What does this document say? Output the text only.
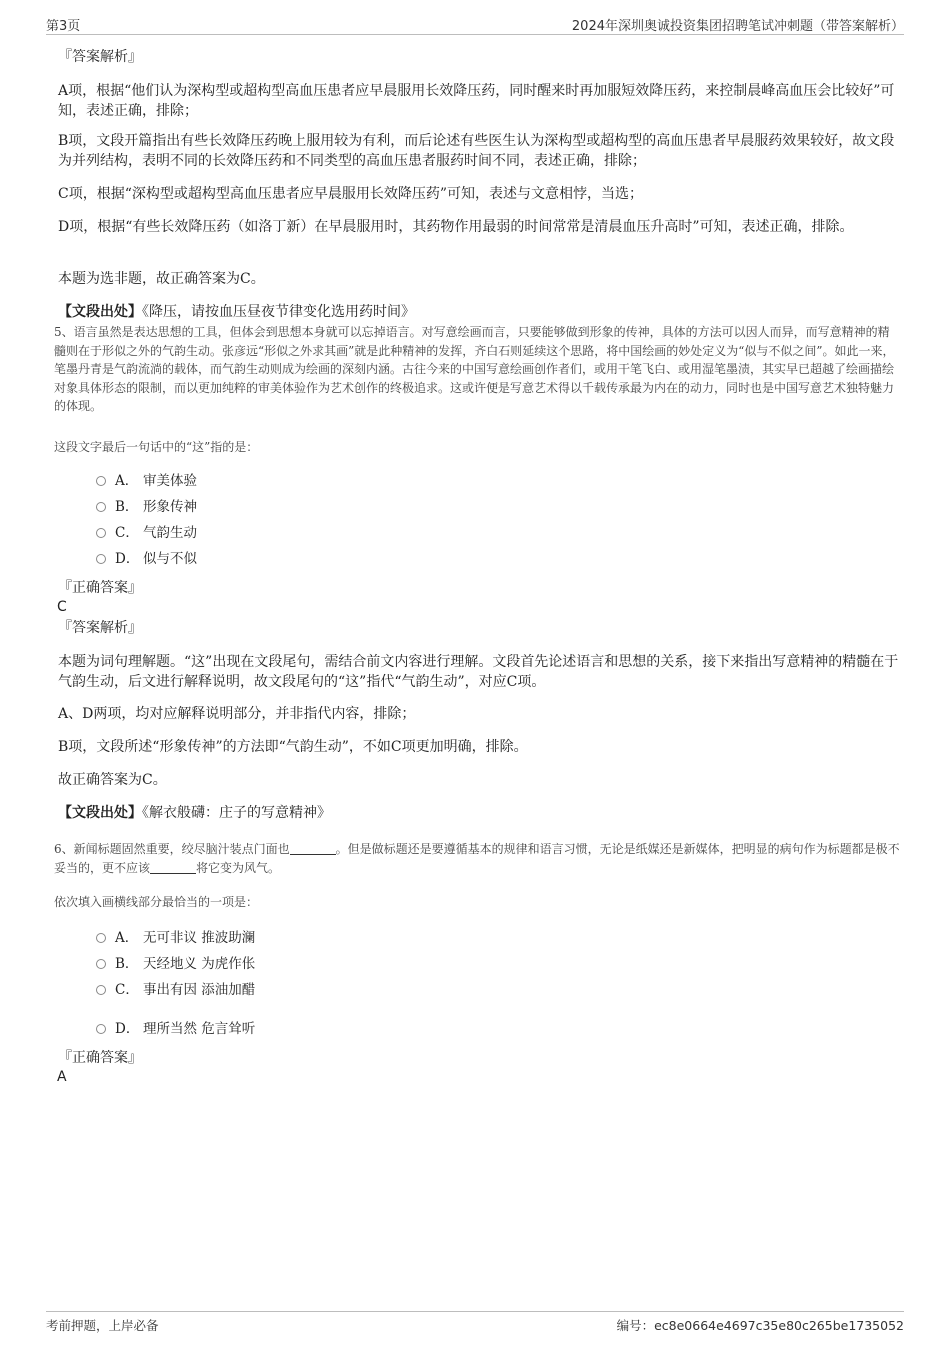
第3页	2024年深圳奥诚投资集团招聘笔试冲刺题（带答案解析）
『答案解析』

A项，根据“他们认为深构型或超构型高血压患者应早晨服用长效降压药，同时醒来时再加服短效降压药，来控制晨峰高血压会比较好”可知，表述正确，排除；

B项，文段开篇指出有些长效降压药晚上服用较为有利，而后论述有些医生认为深构型或超构型的高血压患者早晨服药效果较好，故文段为并列结构，表明不同的长效降压药和不同类型的高血压患者服药时间不同，表述正确，排除；

C项，根据“深构型或超构型高血压患者应早晨服用长效降压药”可知，表述与文意相悖，当选；

D项，根据“有些长效降压药（如洛丁新）在早晨服用时，其药物作用最弱的时间常常是清晨血压升高时”可知，表述正确，排除。

本题为选非题，故正确答案为C。

【文段出处】《降压，请按血压昼夜节律变化选用药时间》

5、语言虽然是表达思想的工具，但体会到思想本身就可以忘掉语言。对写意绘画而言，只要能够做到形象的传神，具体的方法可以因人而异，而写意精神的精髓则在于形似之外的气韵生动。张彦远“形似之外求其画”就是此种精神的发挥，齐白石则延续这个思路，将中国绘画的妙处定义为“似与不似之间”。如此一来，笔墨丹青是气韵流淌的载体，而气韵生动则成为绘画的深刻内涵。古往今来的中国写意绘画创作者们，或用干笔飞白、或用湿笔墨渍，其实早已超越了绘画描绘对象具体形态的限制，而以更加纯粹的审美体验作为艺术创作的终极追求。这或许便是写意艺术得以千载传承最为内在的动力，同时也是中国写意艺术独特魅力的体现。

这段文字最后一句话中的“这”指的是：

A． 审美体验
B． 形象传神
C． 气韵生动
D． 似与不似
『正确答案』
C
『答案解析』

本题为词句理解题。“这”出现在文段尾句，需结合前文内容进行理解。文段首先论述语言和思想的关系，接下来指出写意精神的精髓在于气韵生动，后文进行解释说明，故文段尾句的“这”指代“气韵生动”，对应C项。

A、D两项，均对应解释说明部分，并非指代内容，排除；

B项，文段所述“形象传神”的方法即“气韵生动”，不如C项更加明确，排除。

故正确答案为C。

【文段出处】《解衣般礴：庄子的写意精神》

6、新闻标题固然重要，绞尽脑汁装点门面也	。但是做标题还是要遵循基本的规律和语言习惯，无论是纸媒还是新媒体，把明显的病句作为标题都是极不妥当的，更不应该	将它变为风气。

依次填入画横线部分最恰当的一项是：

A． 无可非议 推波助澜
B． 天经地义 为虎作伥
C． 事出有因 添油加醋
D． 理所当然 危言耸听
『正确答案』
A
考前押题，上岸必备	编号：ec8e0664e4697c35e80c265be1735052
